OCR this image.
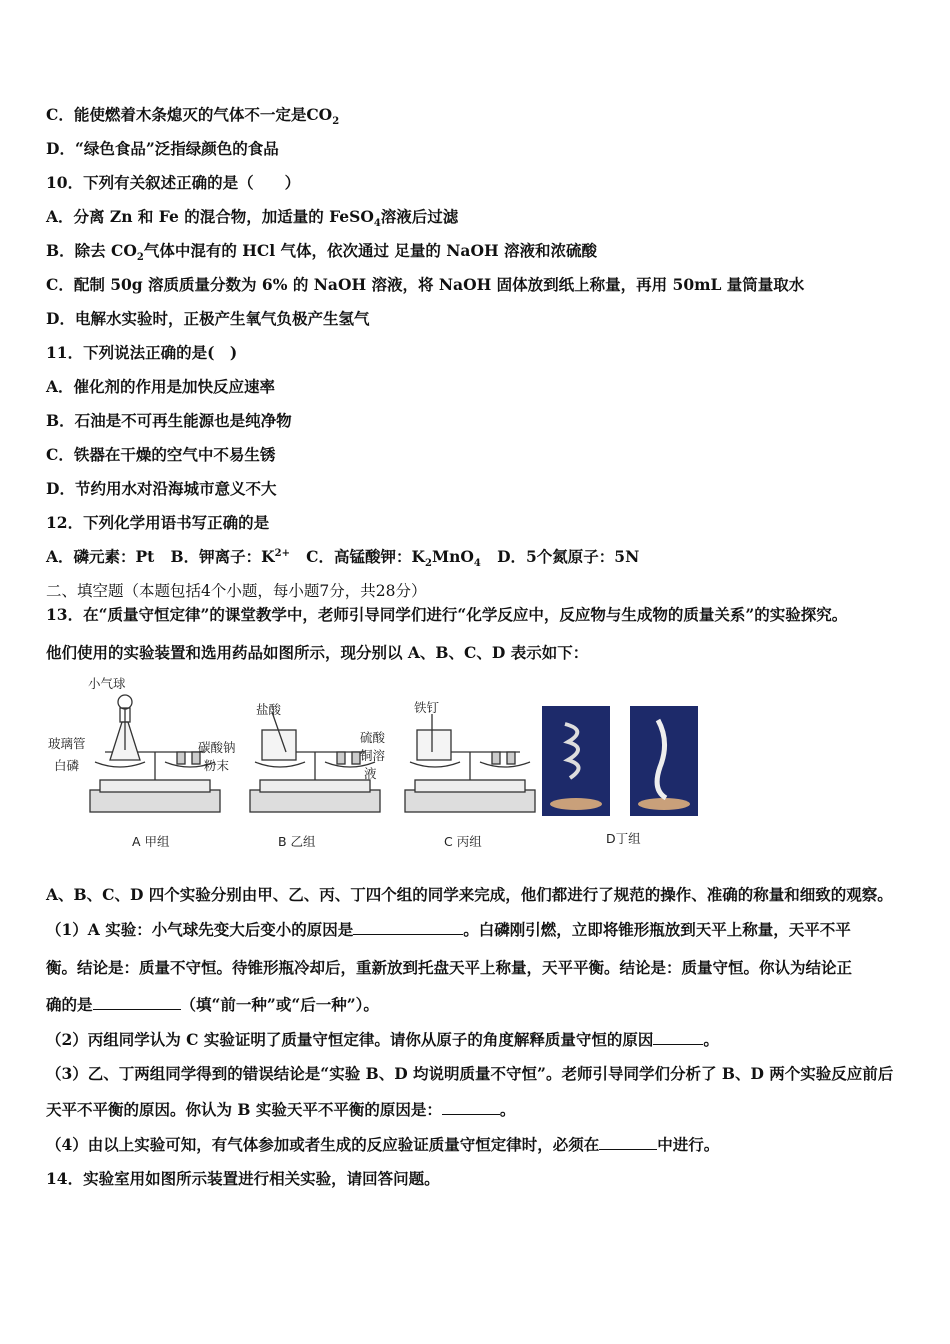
C．能使燃着木条熄灭的气体不一定是$CO_2$
D．“绿色食品”泛指绿颜色的食品
10．下列有关叙述正确的是（　　）
A．分离 Zn 和 Fe 的混合物，加适量的 FeSO$_4$溶液后过滤
B．除去 $CO_2$气体中混有的 HCl 气体，依次通过 足量的 NaOH 溶液和浓硫酸
C．配制 50g 溶质质量分数为 6% 的 NaOH 溶液，将 NaOH 固体放到纸上称量，再用 50mL 量筒量取水
D．电解水实验时，正极产生氧气负极产生氢气
11．下列说法正确的是(　)
A．催化剂的作用是加快反应速率
B．石油是不可再生能源也是纯净物
C．铁器在干燥的空气中不易生锈
D．节约用水对沿海城市意义不大
12．下列化学用语书写正确的是
A．磷元素：Pt B．钾离子：$K^{2+}$ C．高锰酸钾：$K_2MnO_4$ D．5个氮原子：5N
二、填空题（本题包括4个小题，每小题7分，共28分）
13．在“质量守恒定律”的课堂教学中，老师引导同学们进行“化学反应中，反应物与生成物的质量关系”的实验探究。
他们使用的实验装置和选用药品如图所示，现分别以 A、B、C、D 表示如下：
小气球
玻璃管
白磷
盐酸
碳酸钠
粉末
铁钉
硫酸
铜溶
液
A 甲组	B 乙组	C 丙组	D丁组
A、B、C、D 四个实验分别由甲、乙、丙、丁四个组的同学来完成，他们都进行了规范的操作、准确的称量和细致的观察。
（1）A 实验：小气球先变大后变小的原因是	。白磷刚引燃，立即将锥形瓶放到天平上称量，天平不平
衡。结论是：质量不守恒。待锥形瓶冷却后，重新放到托盘天平上称量，天平平衡。结论是：质量守恒。你认为结论正
确的是	（填“前一种”或“后一种”）。
（2）丙组同学认为 C 实验证明了质量守恒定律。请你从原子的角度解释质量守恒的原因	。
（3）乙、丁两组同学得到的错误结论是“实验 B、D 均说明质量不守恒”。老师引导同学们分析了 B、D 两个实验反应前后
天平不平衡的原因。你认为 B 实验天平不平衡的原因是：	。
（4）由以上实验可知，有气体参加或者生成的反应验证质量守恒定律时，必须在	中进行。
14．实验室用如图所示装置进行相关实验，请回答问题。
